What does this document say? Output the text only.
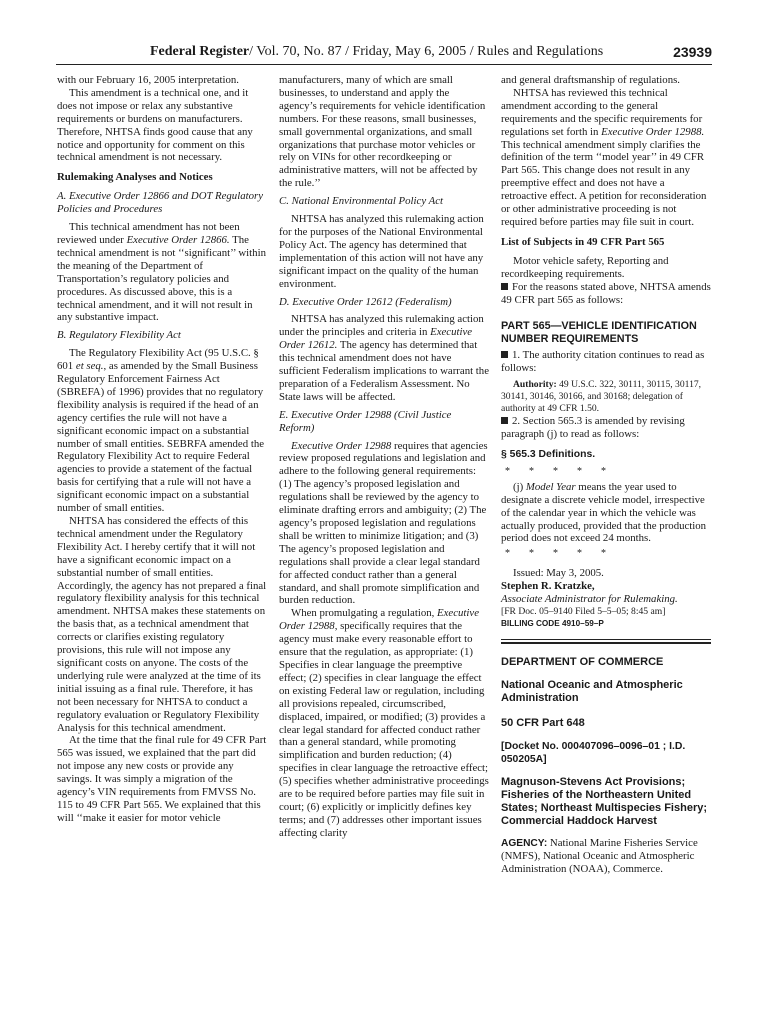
Federal Register/ Vol. 70, No. 87 / Friday, May 6, 2005 / Rules and Regulations	23939

with our February 16, 2005 interpretation.

This amendment is a technical one, and it does not impose or relax any substantive requirements or burdens on manufacturers. Therefore, NHTSA finds good cause that any notice and opportunity for comment on this technical amendment is not necessary.

Rulemaking Analyses and Notices
A. Executive Order 12866 and DOT Regulatory Policies and Procedures

This technical amendment has not been reviewed under Executive Order 12866. The technical amendment is not ‘‘significant’’ within the meaning of the Department of Transportation’s regulatory policies and procedures. As discussed above, this is a technical amendment, and it will not result in any substantive impact.

B. Regulatory Flexibility Act

The Regulatory Flexibility Act (95 U.S.C. § 601 et seq., as amended by the Small Business Regulatory Enforcement Fairness Act (SBREFA) of 1996) provides that no regulatory flexibility analysis is required if the head of an agency certifies the rule will not have a significant economic impact on a substantial number of small entities. SEBRFA amended the Regulatory Flexibility Act to require Federal agencies to provide a statement of the factual basis for certifying that a rule will not have a significant economic impact on a substantial number of small entities.

NHTSA has considered the effects of this technical amendment under the Regulatory Flexibility Act. I hereby certify that it will not have a significant economic impact on a substantial number of small entities. Accordingly, the agency has not prepared a final regulatory flexibility analysis for this technical amendment. NHTSA makes these statements on the basis that, as a technical amendment that corrects or clarifies existing regulatory provisions, this rule will not impose any significant costs on anyone. The costs of the underlying rule were analyzed at the time of its initial issuing as a final rule. Therefore, it has not been necessary for NHTSA to conduct a regulatory evaluation or Regulatory Flexibility Analysis for this technical amendment.

At the time that the final rule for 49 CFR Part 565 was issued, we explained that the part did not impose any new costs or provide any savings. It was simply a migration of the agency’s VIN requirements from FMVSS No. 115 to 49 CFR Part 565. We explained that this will ‘‘make it easier for motor vehicle

manufacturers, many of which are small businesses, to understand and apply the agency’s requirements for vehicle identification numbers. For these reasons, small businesses, small governmental organizations, and small organizations that purchase motor vehicles or rely on VINs for other recordkeeping or administrative matters, will not be affected by the rule.’’

C. National Environmental Policy Act

NHTSA has analyzed this rulemaking action for the purposes of the National Environmental Policy Act. The agency has determined that implementation of this action will not have any significant impact on the quality of the human environment.

D. Executive Order 12612 (Federalism)

NHTSA has analyzed this rulemaking action under the principles and criteria in Executive Order 12612. The agency has determined that this technical amendment does not have sufficient Federalism implications to warrant the preparation of a Federalism Assessment. No State laws will be affected.

E. Executive Order 12988 (Civil Justice Reform)

Executive Order 12988 requires that agencies review proposed regulations and legislation and adhere to the following general requirements: (1) The agency’s proposed legislation and regulations shall be reviewed by the agency to eliminate drafting errors and ambiguity; (2) The agency’s proposed legislation and regulations shall be written to minimize litigation; and (3) The agency’s proposed legislation and regulations shall provide a clear legal standard for affected conduct rather than a general standard, and shall promote simplification and burden reduction.

When promulgating a regulation, Executive Order 12988, specifically requires that the agency must make every reasonable effort to ensure that the regulation, as appropriate: (1) Specifies in clear language the preemptive effect; (2) specifies in clear language the effect on existing Federal law or regulation, including all provisions repealed, circumscribed, displaced, impaired, or modified; (3) provides a clear legal standard for affected conduct rather than a general standard, while promoting simplification and burden reduction; (4) specifies in clear language the retroactive effect; (5) specifies whether administrative proceedings are to be required before parties may file suit in court; (6) explicitly or implicitly defines key terms; and (7) addresses other important issues affecting clarity

and general draftsmanship of regulations.

NHTSA has reviewed this technical amendment according to the general requirements and the specific requirements for regulations set forth in Executive Order 12988. This technical amendment simply clarifies the definition of the term ‘‘model year’’ in 49 CFR Part 565. This change does not result in any preemptive effect and does not have a retroactive effect. A petition for reconsideration or other administrative proceeding is not required before parties may file suit in court.

List of Subjects in 49 CFR Part 565

Motor vehicle safety, Reporting and recordkeeping requirements.

For the reasons stated above, NHTSA amends 49 CFR part 565 as follows:

PART 565—VEHICLE IDENTIFICATION NUMBER REQUIREMENTS

1. The authority citation continues to read as follows:

Authority: 49 U.S.C. 322, 30111, 30115, 30117, 30141, 30146, 30166, and 30168; delegation of authority at 49 CFR 1.50.

2. Section 565.3 is amended by revising paragraph (j) to read as follows:

§ 565.3 Definitions.
* * * * *

(j) Model Year means the year used to designate a discrete vehicle model, irrespective of the calendar year in which the vehicle was actually produced, provided that the production period does not exceed 24 months.

* * * * *

Issued: May 3, 2005.

Stephen R. Kratzke,

Associate Administrator for Rulemaking.

[FR Doc. 05–9140 Filed 5–5–05; 8:45 am]

BILLING CODE 4910–59–P

DEPARTMENT OF COMMERCE
National Oceanic and Atmospheric Administration
50 CFR Part 648
[Docket No. 000407096–0096–01 ; I.D. 050205A]
Magnuson-Stevens Act Provisions; Fisheries of the Northeastern United States; Northeast Multispecies Fishery; Commercial Haddock Harvest

AGENCY: National Marine Fisheries Service (NMFS), National Oceanic and Atmospheric Administration (NOAA), Commerce.
